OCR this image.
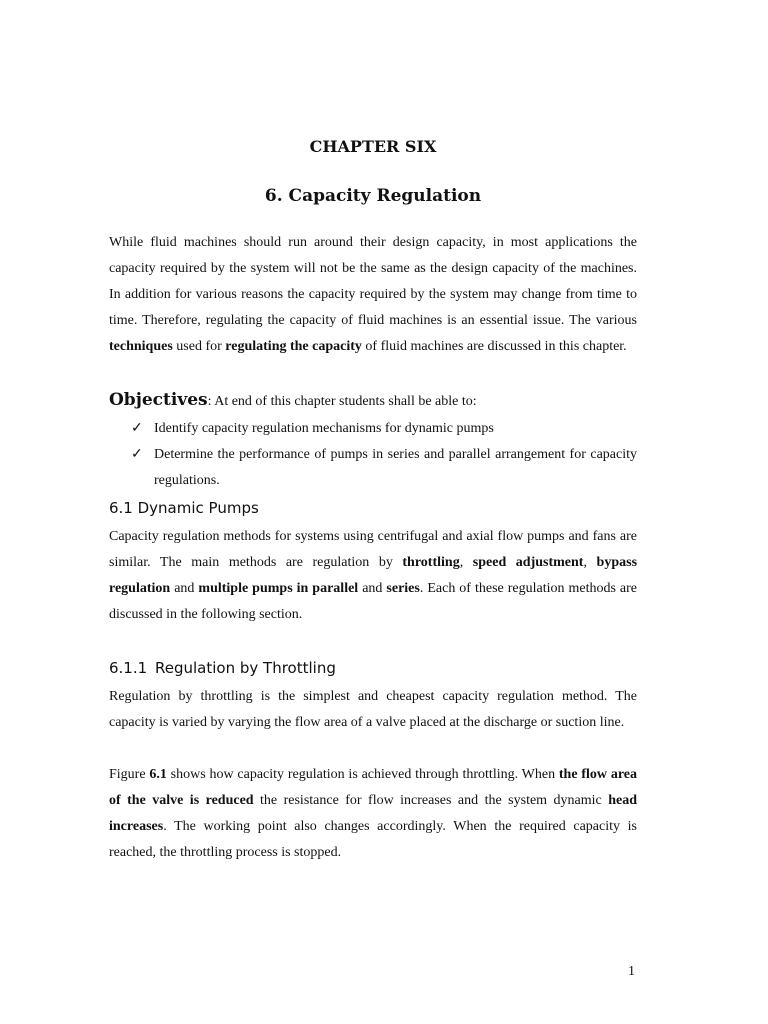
CHAPTER SIX
6. Capacity Regulation

While fluid machines should run around their design capacity, in most applications the capacity required by the system will not be the same as the design capacity of the machines. In addition for various reasons the capacity required by the system may change from time to time. Therefore, regulating the capacity of fluid machines is an essential issue. The various techniques used for regulating the capacity of fluid machines are discussed in this chapter.

Objectives: At end of this chapter students shall be able to:
✓ Identify capacity regulation mechanisms for dynamic pumps
✓ Determine the performance of pumps in series and parallel arrangement for capacity regulations.
6.1 Dynamic Pumps

Capacity regulation methods for systems using centrifugal and axial flow pumps and fans are similar. The main methods are regulation by throttling, speed adjustment, bypass regulation and multiple pumps in parallel and series. Each of these regulation methods are discussed in the following section.

6.1.1 Regulation by Throttling

Regulation by throttling is the simplest and cheapest capacity regulation method. The capacity is varied by varying the flow area of a valve placed at the discharge or suction line.

Figure 6.1 shows how capacity regulation is achieved through throttling. When the flow area of the valve is reduced the resistance for flow increases and the system dynamic head increases. The working point also changes accordingly. When the required capacity is reached, the throttling process is stopped.

1
